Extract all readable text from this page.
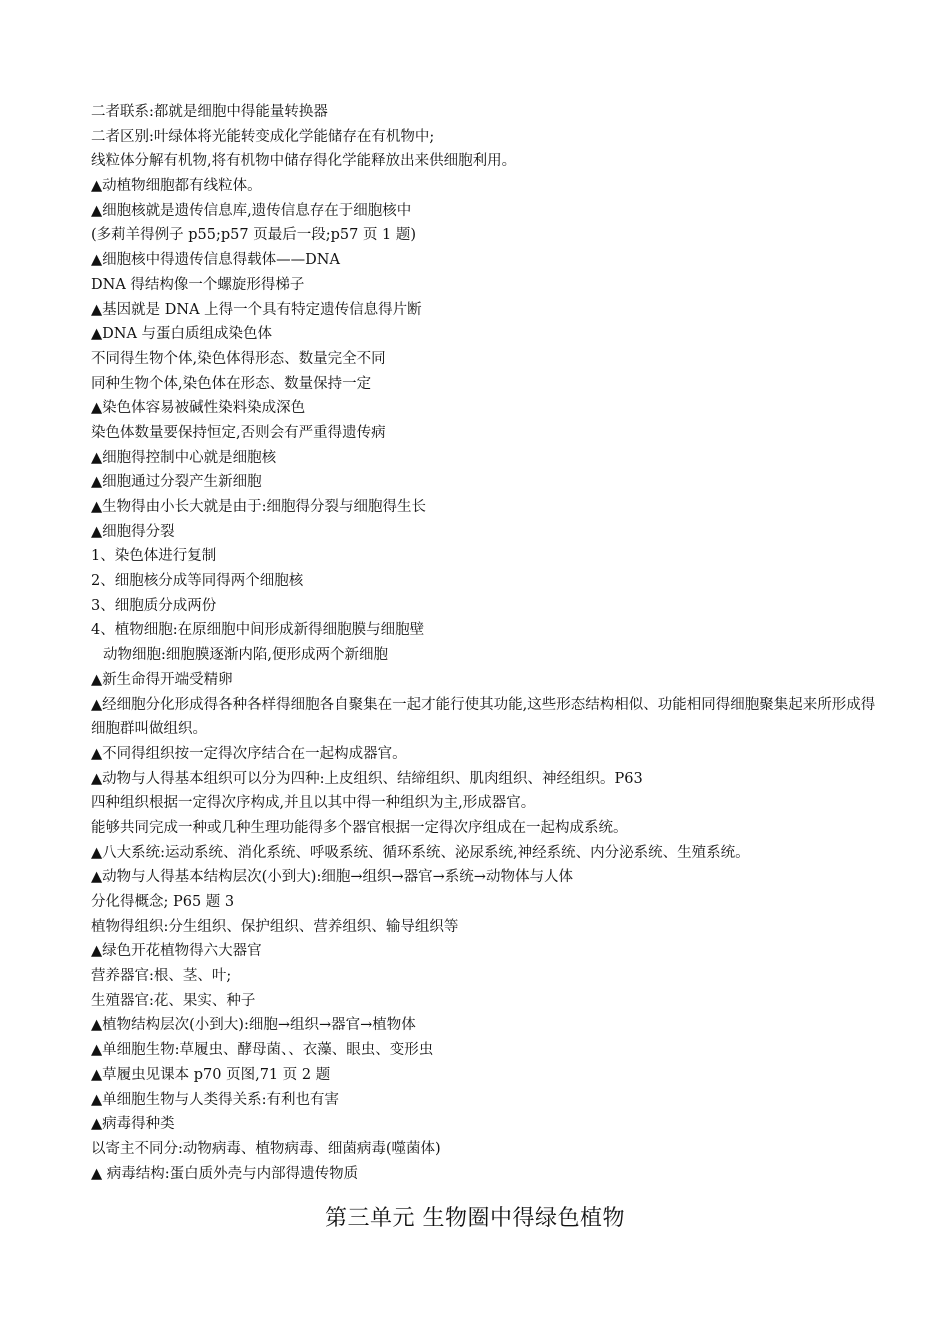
二者联系:都就是细胞中得能量转换器
二者区别:叶绿体将光能转变成化学能储存在有机物中;
线粒体分解有机物,将有机物中储存得化学能释放出来供细胞利用。
▲动植物细胞都有线粒体。
▲细胞核就是遗传信息库,遗传信息存在于细胞核中
(多莉羊得例子 p55;p57 页最后一段;p57 页 1 题)
▲细胞核中得遗传信息得载体——DNA
DNA 得结构像一个螺旋形得梯子
▲基因就是 DNA 上得一个具有特定遗传信息得片断
▲DNA 与蛋白质组成染色体
不同得生物个体,染色体得形态、数量完全不同
同种生物个体,染色体在形态、数量保持一定
▲染色体容易被碱性染料染成深色
染色体数量要保持恒定,否则会有严重得遗传病
▲细胞得控制中心就是细胞核
▲细胞通过分裂产生新细胞
▲生物得由小长大就是由于:细胞得分裂与细胞得生长
▲细胞得分裂
1、染色体进行复制
2、细胞核分成等同得两个细胞核
3、细胞质分成两份
4、植物细胞:在原细胞中间形成新得细胞膜与细胞壁
动物细胞:细胞膜逐渐内陷,便形成两个新细胞
▲新生命得开端受精卵
▲经细胞分化形成得各种各样得细胞各自聚集在一起才能行使其功能,这些形态结构相似、功能相同得细胞聚集起来所形成得细胞群叫做组织。
▲不同得组织按一定得次序结合在一起构成器官。
▲动物与人得基本组织可以分为四种:上皮组织、结缔组织、肌肉组织、神经组织。P63
四种组织根据一定得次序构成,并且以其中得一种组织为主,形成器官。
能够共同完成一种或几种生理功能得多个器官根据一定得次序组成在一起构成系统。
▲八大系统:运动系统、消化系统、呼吸系统、循环系统、泌尿系统,神经系统、内分泌系统、生殖系统。
▲动物与人得基本结构层次(小到大):细胞→组织→器官→系统→动物体与人体
分化得概念; P65 题 3
植物得组织:分生组织、保护组织、营养组织、输导组织等
▲绿色开花植物得六大器官
营养器官:根、茎、叶;
生殖器官:花、果实、种子
▲植物结构层次(小到大):细胞→组织→器官→植物体
▲单细胞生物:草履虫、酵母菌、、衣藻、眼虫、变形虫
▲草履虫见课本 p70 页图,71 页 2 题
▲单细胞生物与人类得关系:有利也有害
▲病毒得种类
以寄主不同分:动物病毒、植物病毒、细菌病毒(噬菌体)
▲ 病毒结构:蛋白质外壳与内部得遗传物质
第三单元 生物圈中得绿色植物
